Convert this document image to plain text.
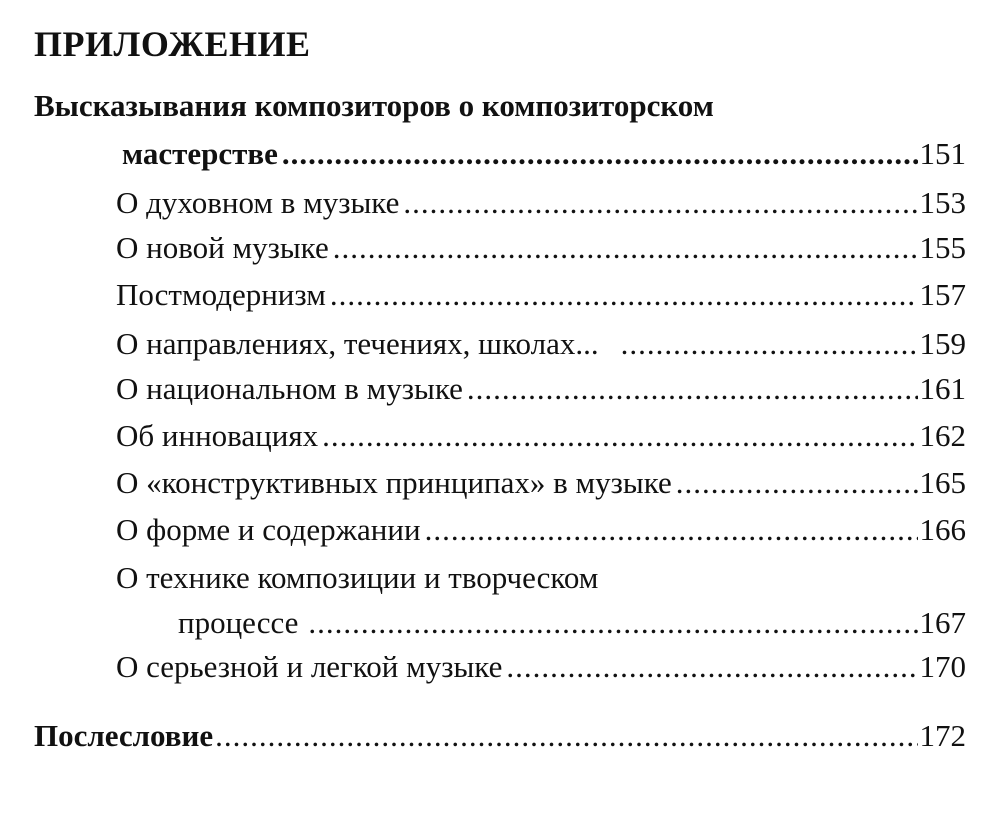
ПРИЛОЖЕНИЕ
Высказывания композиторов о композиторском
мастерстве .....	151
О духовном в музыке .....	153
О новой музыке .....	155
Постмодернизм .....	157
О направлениях, течениях, школах... .....	159
О национальном в музыке .....	161
Об инновациях .....	162
О «конструктивных принципах» в музыке .....	165
О форме и содержании .....	166
О технике композиции и творческом
процессе .....	167
О серьезной и легкой музыке .....	170
Послесловие .....	172
